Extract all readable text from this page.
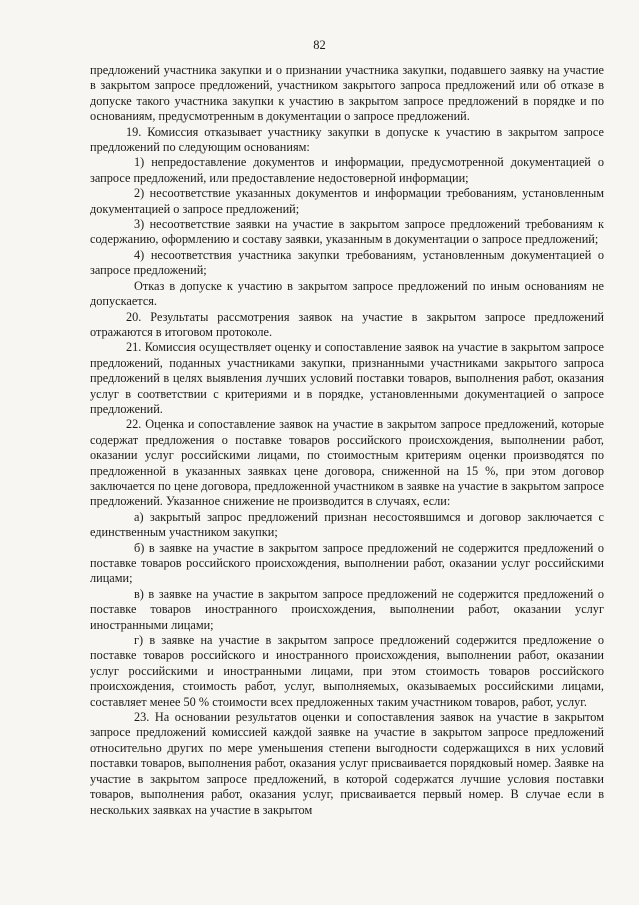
82

предложений участника закупки и о признании участника закупки, подавшего заявку на участие в закрытом запросе предложений, участником закрытого запроса предложений или об отказе в допуске такого участника закупки к участию в закрытом запросе предложений в порядке и по основаниям, предусмотренным в документации о запросе предложений.

19. Комиссия отказывает участнику закупки в допуске к участию в закрытом запросе предложений по следующим основаниям:

1) непредоставление документов и информации, предусмотренной документацией о запросе предложений, или предоставление недостоверной информации;

2) несоответствие указанных документов и информации требованиям, установленным документацией о запросе предложений;

3) несоответствие заявки на участие в закрытом запросе предложений требованиям к содержанию, оформлению и составу заявки, указанным в документации о запросе предложений;

4) несоответствия участника закупки требованиям, установленным документацией о запросе предложений;

Отказ в допуске к участию в закрытом запросе предложений по иным основаниям не допускается.

20. Результаты рассмотрения заявок на участие в закрытом запросе предложений отражаются в итоговом протоколе.

21. Комиссия осуществляет оценку и сопоставление заявок на участие в закрытом запросе предложений, поданных участниками закупки, признанными участниками закрытого запроса предложений в целях выявления лучших условий поставки товаров, выполнения работ, оказания услуг в соответствии с критериями и в порядке, установленными документацией о запросе предложений.

22. Оценка и сопоставление заявок на участие в закрытом запросе предложений, которые содержат предложения о поставке товаров российского происхождения, выполнении работ, оказании услуг российскими лицами, по стоимостным критериям оценки производятся по предложенной в указанных заявках цене договора, сниженной на 15 %, при этом договор заключается по цене договора, предложенной участником в заявке на участие в закрытом запросе предложений. Указанное снижение не производится в случаях, если:

а) закрытый запрос предложений признан несостоявшимся и договор заключается с единственным участником закупки;

б) в заявке на участие в закрытом запросе предложений не содержится предложений о поставке товаров российского происхождения, выполнении работ, оказании услуг российскими лицами;

в) в заявке на участие в закрытом запросе предложений не содержится предложений о поставке товаров иностранного происхождения, выполнении работ, оказании услуг иностранными лицами;

г) в заявке на участие в закрытом запросе предложений содержится предложение о поставке товаров российского и иностранного происхождения, выполнении работ, оказании услуг российскими и иностранными лицами, при этом стоимость товаров российского происхождения, стоимость работ, услуг, выполняемых, оказываемых российскими лицами, составляет менее 50 % стоимости всех предложенных таким участником товаров, работ, услуг.

23. На основании результатов оценки и сопоставления заявок на участие в закрытом запросе предложений комиссией каждой заявке на участие в закрытом запросе предложений относительно других по мере уменьшения степени выгодности содержащихся в них условий поставки товаров, выполнения работ, оказания услуг присваивается порядковый номер. Заявке на участие в закрытом запросе предложений, в которой содержатся лучшие условия поставки товаров, выполнения работ, оказания услуг, присваивается первый номер. В случае если в нескольких заявках на участие в закрытом
